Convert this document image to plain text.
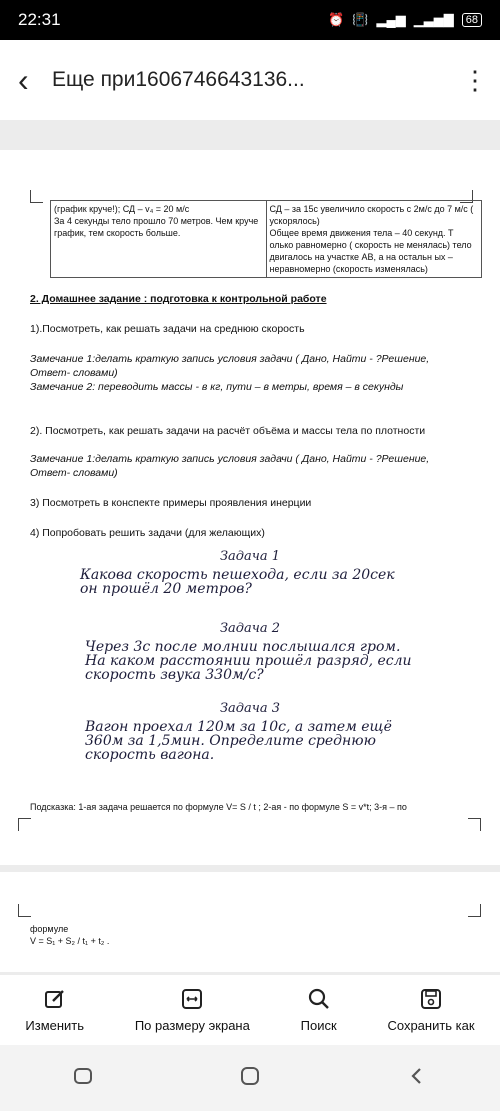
22:31	⏰ 📳 ▂▄▆ ▁▃▅▇	68
‹	Еще при1606746643136...	⋮
(график круче!); СД – v₄ = 20 м/с
За 4 секунды тело прошло 70 метров. Чем круче график, тем скорость больше.	СД – за 15с увеличило скорость с 2м/с до 7 м/с ( ускорялось)
Общее время движения тела – 40 секунд. Т олько равномерно ( скорость не менялась) тело двигалось на участке АВ, а на остальн ых – неравномерно (скорость изменялась)
2. Домашнее задание : подготовка к контрольной работе
1).Посмотреть, как решать задачи на среднюю скорость
Замечание 1:делать краткую запись условия задачи ( Дано, Найти - ?Решение, Ответ- словами)
Замечание 2: переводить массы - в кг, пути – в метры, время – в секунды
2). Посмотреть, как решать задачи на расчёт объёма и массы тела по плотности
Замечание 1:делать краткую запись условия задачи ( Дано, Найти - ?Решение, Ответ- словами)
3) Посмотреть в конспекте примеры проявления инерции
4) Попробовать решить задачи (для желающих)
Задача 1
Какова скорость пешехода, если за 20сек он прошёл 20 метров?
Задача 2
Через 3с после молнии послышался гром. На каком расстоянии прошёл разряд, если скорость звука 330м/с?
Задача 3
Вагон проехал 120м за 10с, а затем ещё 360м за 1,5мин. Определите среднюю скорость вагона.
Подсказка: 1-ая задача решается по формуле V= S / t ; 2-ая - по формуле S = v*t; 3-я – по
формуле
V = S₁ + S₂ / t₁ + t₂ .
Изменить	По размеру экрана	Поиск	Сохранить как
